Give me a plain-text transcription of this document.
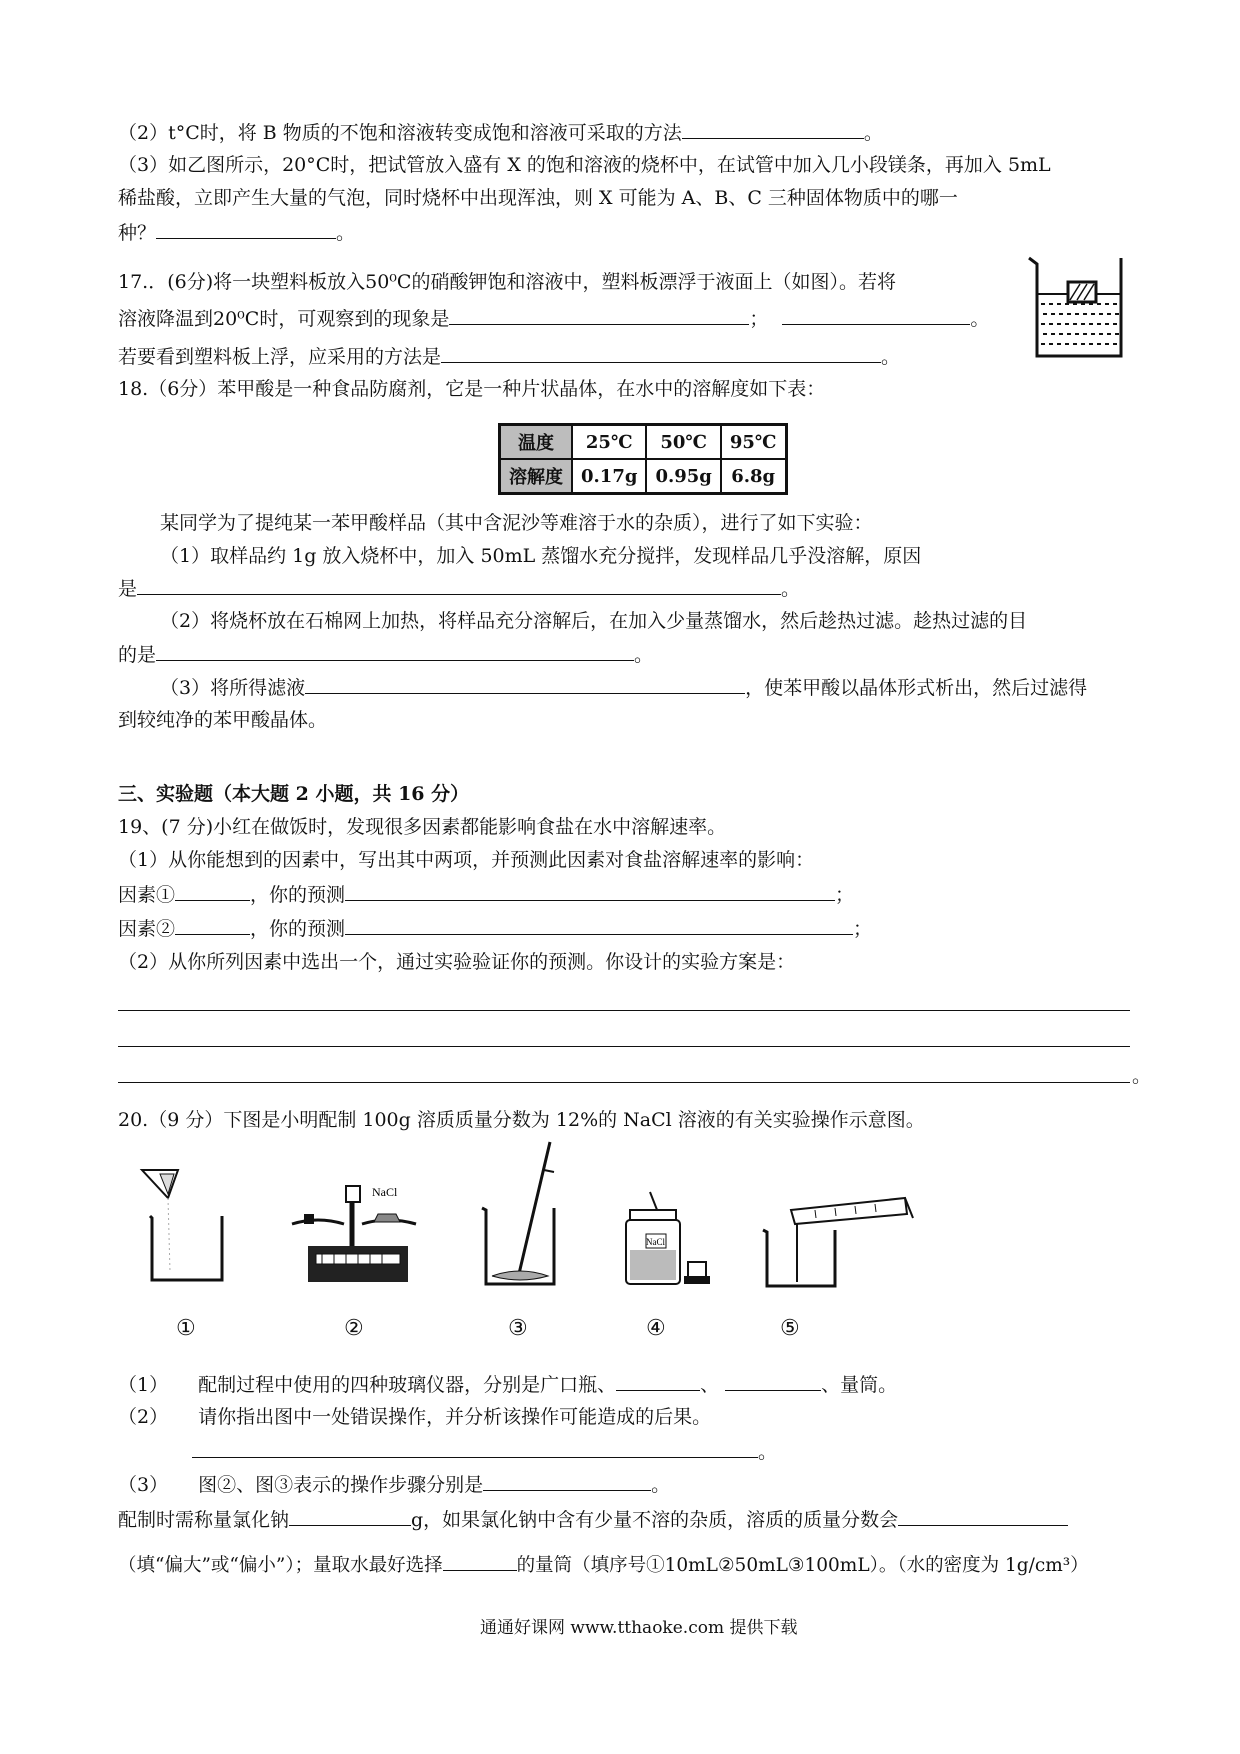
（2）t°C时，将 B 物质的不饱和溶液转变成饱和溶液可采取的方法	。
（3）如乙图所示，20°C时，把试管放入盛有 X 的饱和溶液的烧杯中，在试管中加入几小段镁条，再加入 5mL
稀盐酸，立即产生大量的气泡，同时烧杯中出现浑浊，则 X 可能为 A、B、C 三种固体物质中的哪一
种？	。
17.．(6分)将一块塑料板放入50⁰C的硝酸钾饱和溶液中，塑料板漂浮于液面上（如图）。若将
溶液降温到20⁰C时，可观察到的现象是	；	。
若要看到塑料板上浮，应采用的方法是	。
18.（6分）苯甲酸是一种食品防腐剂，它是一种片状晶体，在水中的溶解度如下表：
温度	25℃	50℃	95℃
溶解度	0.17g	0.95g	6.8g
某同学为了提纯某一苯甲酸样品（其中含泥沙等难溶于水的杂质），进行了如下实验：
（1）取样品约 1g 放入烧杯中，加入 50mL 蒸馏水充分搅拌，发现样品几乎没溶解，原因
是	。
（2）将烧杯放在石棉网上加热，将样品充分溶解后，在加入少量蒸馏水，然后趁热过滤。趁热过滤的目
的是	。
（3）将所得滤液	，使苯甲酸以晶体形式析出，然后过滤得
到较纯净的苯甲酸晶体。
三、实验题（本大题 2 小题，共 16 分）
19、(7 分)小红在做饭时，发现很多因素都能影响食盐在水中溶解速率。
（1）从你能想到的因素中，写出其中两项，并预测此因素对食盐溶解速率的影响：
因素①	，你的预测	；
因素②	，你的预测	；
（2）从你所列因素中选出一个，通过实验验证你的预测。你设计的实验方案是：
。
20.（9 分）下图是小明配制 100g 溶质质量分数为 12%的 NaCl 溶液的有关实验操作示意图。
NaCl
NaCl
①	②	③	④	⑤
（1） 配制过程中使用的四种玻璃仪器，分别是广口瓶、	、	、量筒。
（2） 请你指出图中一处错误操作，并分析该操作可能造成的后果。
。
（3） 图②、图③表示的操作步骤分别是	。
配制时需称量氯化钠	g，如果氯化钠中含有少量不溶的杂质，溶质的质量分数会
（填“偏大”或“偏小”）；量取水最好选择	的量筒（填序号①10mL②50mL③100mL）。（水的密度为 1g/cm³）
通通好课网 www.tthaoke.com 提供下载
